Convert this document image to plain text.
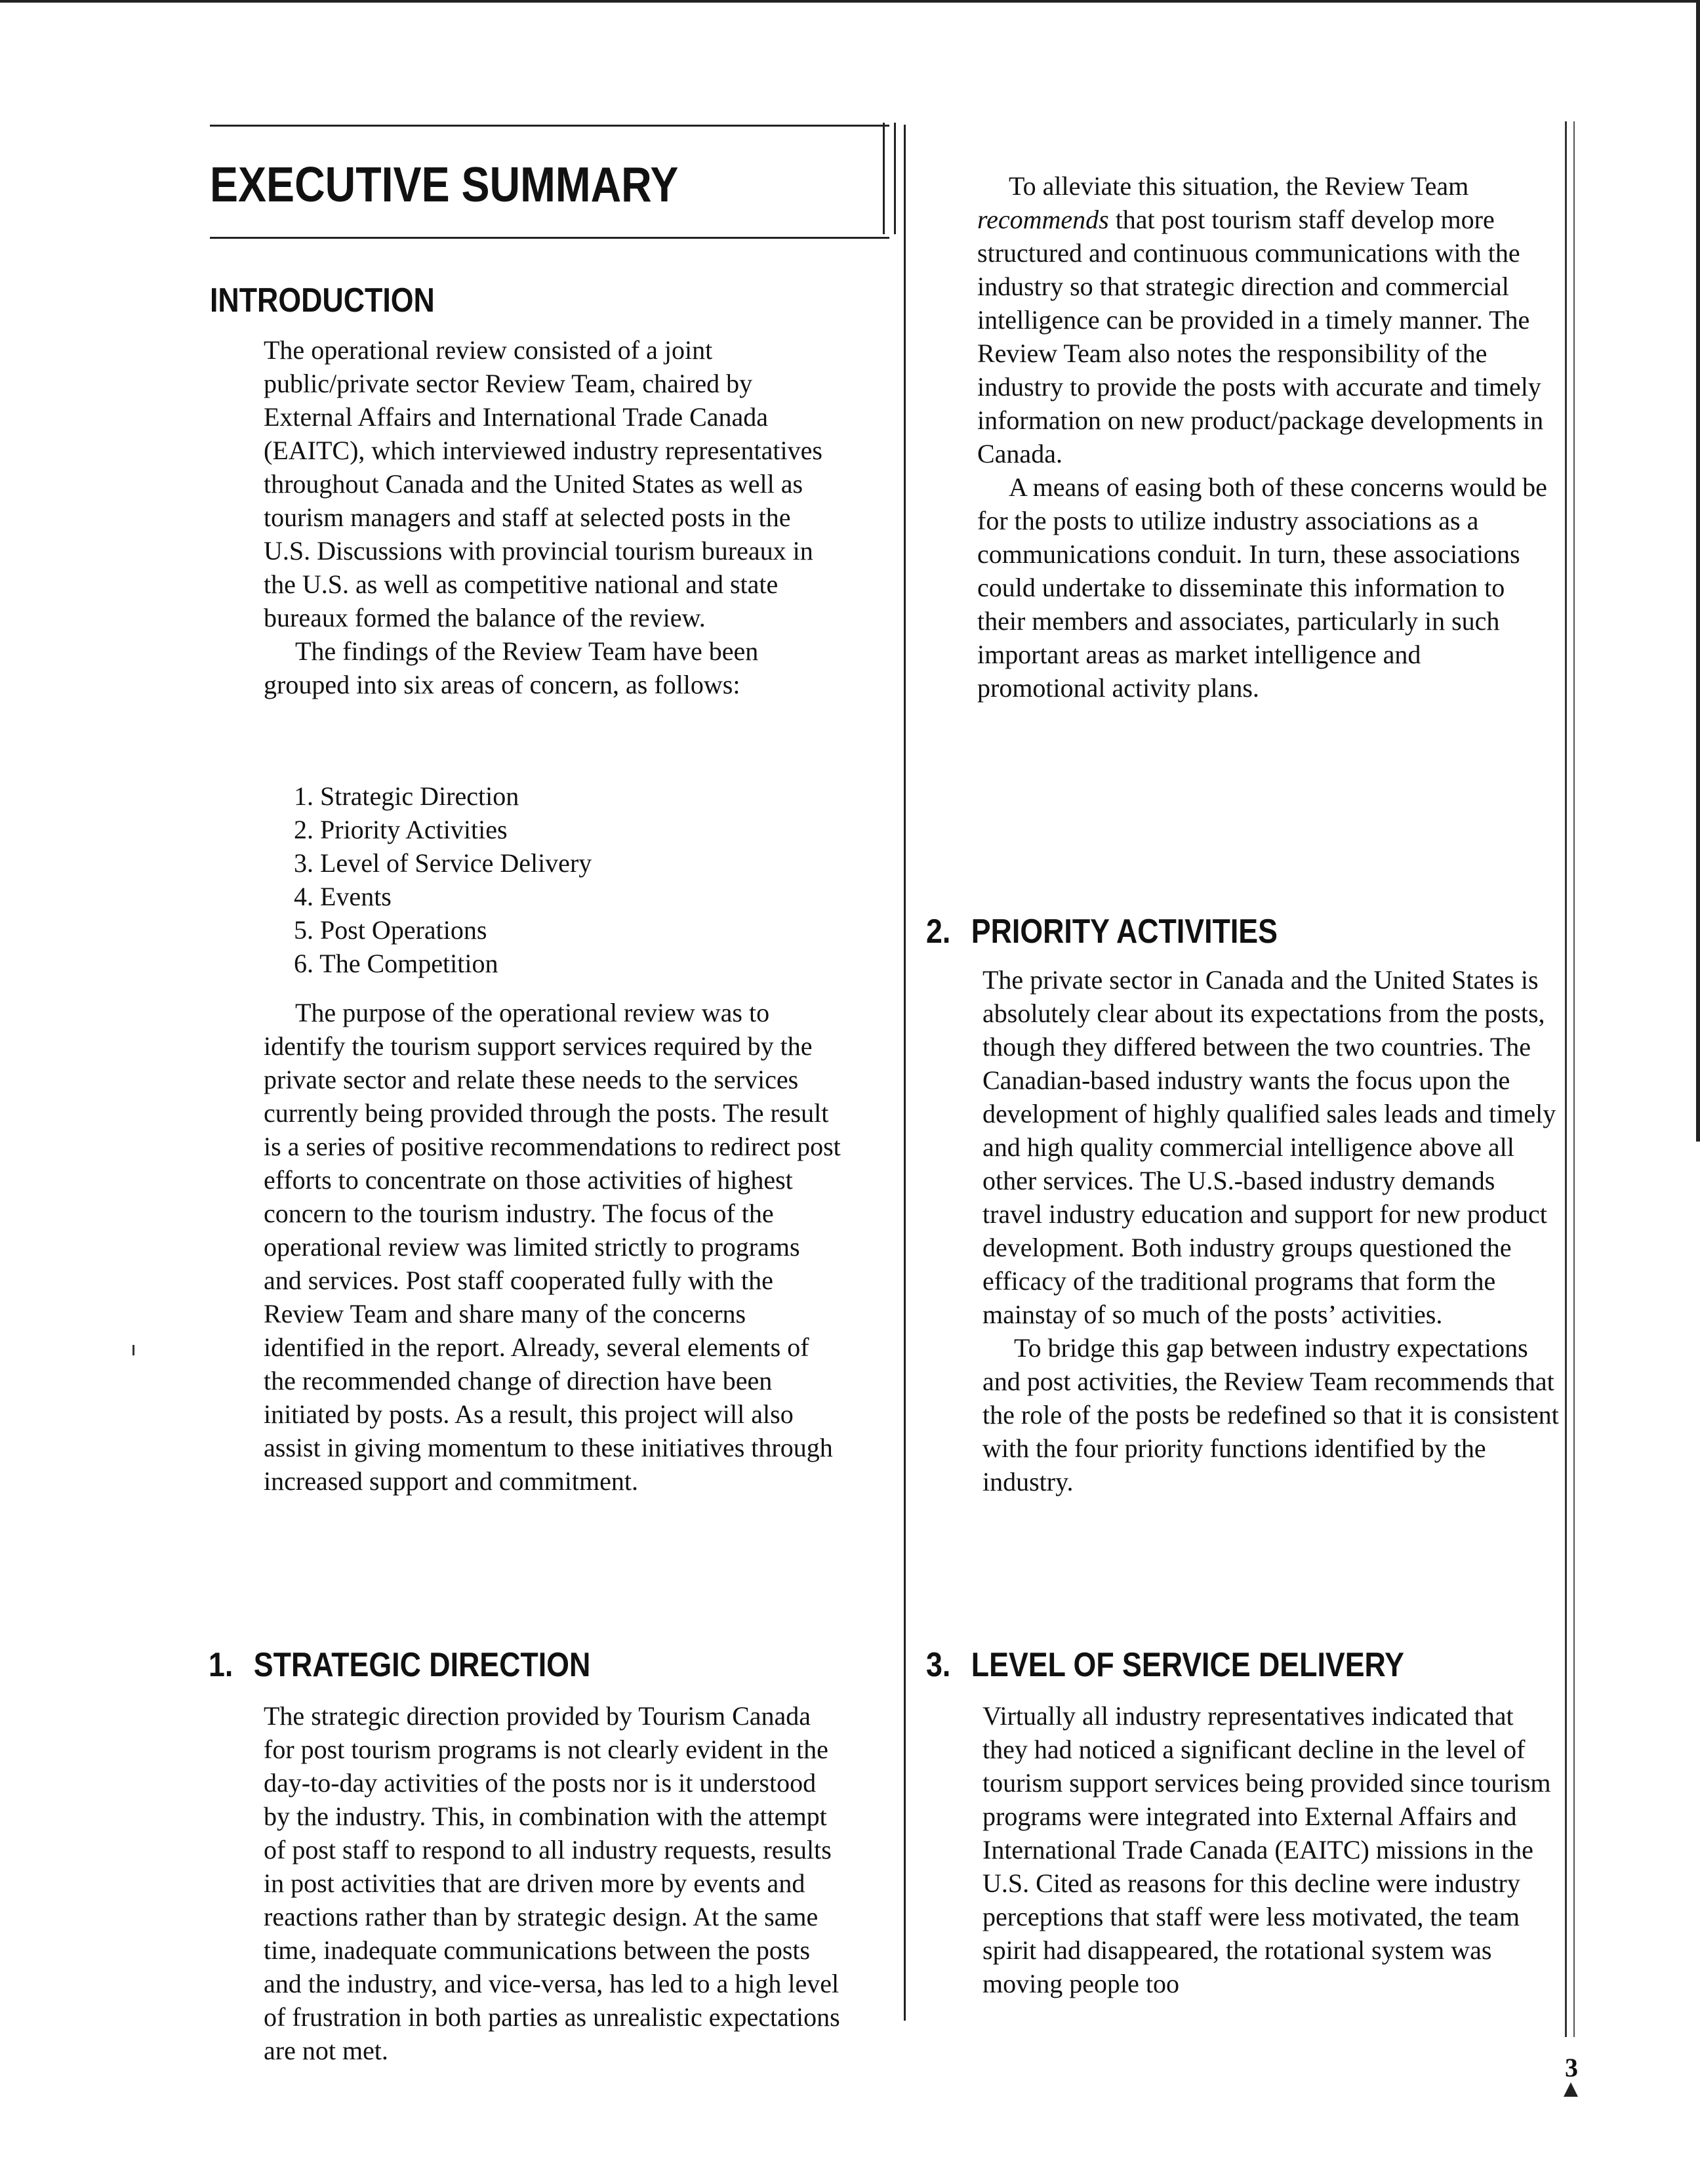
EXECUTIVE SUMMARY
INTRODUCTION

The operational review consisted of a joint public/private sector Review Team, chaired by External Affairs and International Trade Canada (EAITC), which interviewed industry representatives throughout Canada and the United States as well as tourism managers and staff at selected posts in the U.S. Discussions with provincial tourism bureaux in the U.S. as well as competitive national and state bureaux formed the balance of the review.

The findings of the Review Team have been grouped into six areas of concern, as follows:

1. Strategic Direction
2. Priority Activities
3. Level of Service Delivery
4. Events
5. Post Operations
6. The Competition

The purpose of the operational review was to identify the tourism support services required by the private sector and relate these needs to the services currently being provided through the posts. The result is a series of positive recommendations to redirect post efforts to concentrate on those activities of highest concern to the tourism industry. The focus of the operational review was limited strictly to programs and services. Post staff cooperated fully with the Review Team and share many of the concerns identified in the report. Already, several elements of the recommended change of direction have been initiated by posts. As a result, this project will also assist in giving momentum to these initiatives through increased support and commitment.

1. STRATEGIC DIRECTION

The strategic direction provided by Tourism Canada for post tourism programs is not clearly evident in the day-to-day activities of the posts nor is it understood by the industry. This, in combination with the attempt of post staff to respond to all industry requests, results in post activities that are driven more by events and reactions rather than by strategic design. At the same time, inadequate communications between the posts and the industry, and vice-versa, has led to a high level of frustration in both parties as unrealistic expectations are not met.

To alleviate this situation, the Review Team recommends that post tourism staff develop more structured and continuous communications with the industry so that strategic direction and commercial intelligence can be provided in a timely manner. The Review Team also notes the responsibility of the industry to provide the posts with accurate and timely information on new product/package developments in Canada.

A means of easing both of these concerns would be for the posts to utilize industry associations as a communications conduit. In turn, these associations could undertake to disseminate this information to their members and associates, particularly in such important areas as market intelligence and promotional activity plans.

2. PRIORITY ACTIVITIES

The private sector in Canada and the United States is absolutely clear about its expectations from the posts, though they differed between the two countries. The Canadian-based industry wants the focus upon the development of highly qualified sales leads and timely and high quality commercial intelligence above all other services. The U.S.-based industry demands travel industry education and support for new product development. Both industry groups questioned the efficacy of the traditional programs that form the mainstay of so much of the posts’ activities.

To bridge this gap between industry expectations and post activities, the Review Team recommends that the role of the posts be redefined so that it is consistent with the four priority functions identified by the industry.

3. LEVEL OF SERVICE DELIVERY

Virtually all industry representatives indicated that they had noticed a significant decline in the level of tourism support services being provided since tourism programs were integrated into External Affairs and International Trade Canada (EAITC) missions in the U.S. Cited as reasons for this decline were industry perceptions that staff were less motivated, the team spirit had disappeared, the rotational system was moving people too

3
